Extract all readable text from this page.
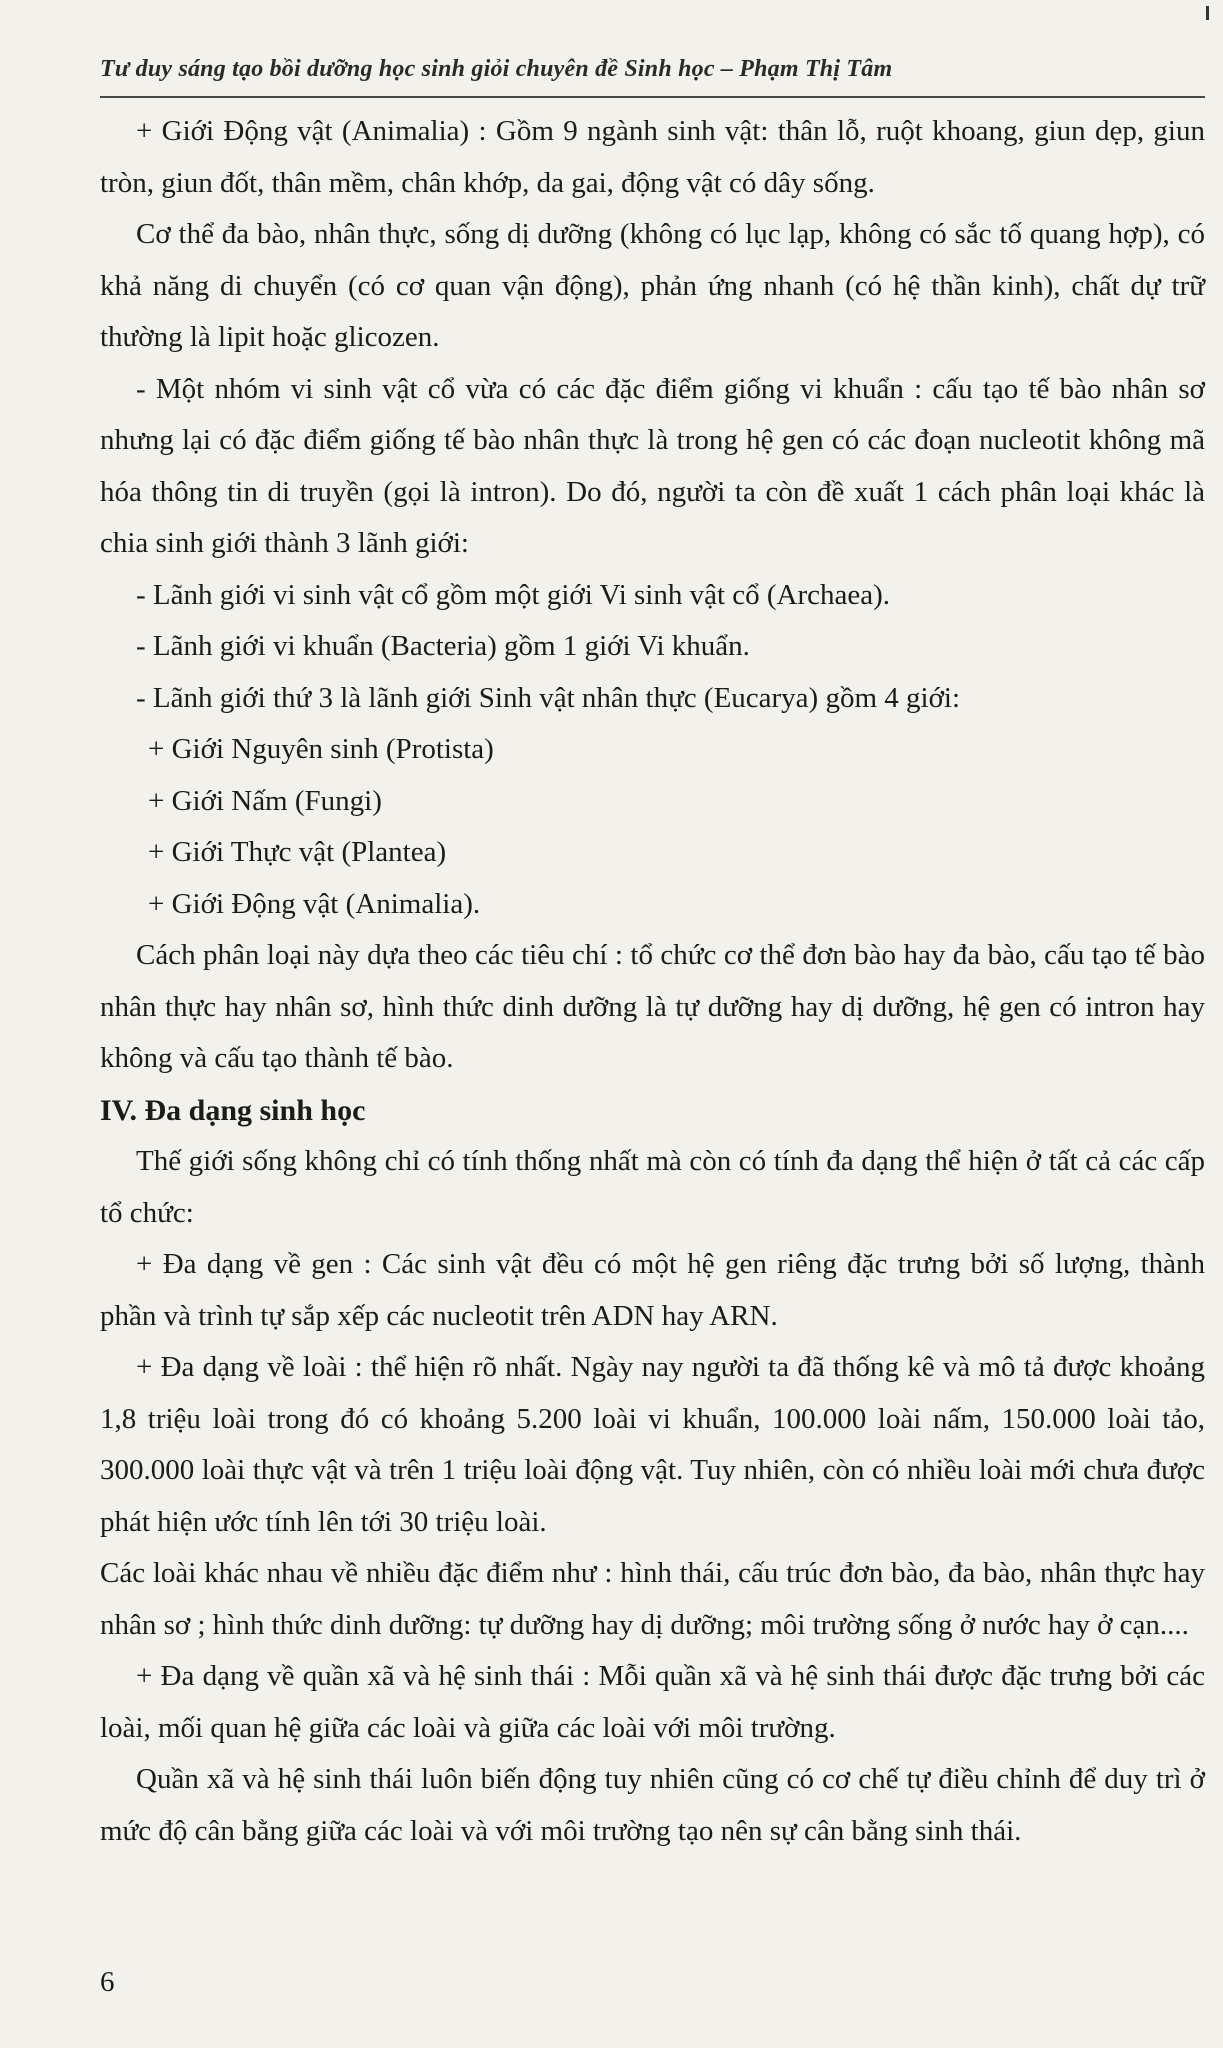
Tư duy sáng tạo bồi dưỡng học sinh giỏi chuyên đề Sinh học – Phạm Thị Tâm

+ Giới Động vật (Animalia) : Gồm 9 ngành sinh vật: thân lỗ, ruột khoang, giun dẹp, giun tròn, giun đốt, thân mềm, chân khớp, da gai, động vật có dây sống.

Cơ thể đa bào, nhân thực, sống dị dưỡng (không có lục lạp, không có sắc tố quang hợp), có khả năng di chuyển (có cơ quan vận động), phản ứng nhanh (có hệ thần kinh), chất dự trữ thường là lipit hoặc glicozen.

- Một nhóm vi sinh vật cổ vừa có các đặc điểm giống vi khuẩn : cấu tạo tế bào nhân sơ nhưng lại có đặc điểm giống tế bào nhân thực là trong hệ gen có các đoạn nucleotit không mã hóa thông tin di truyền (gọi là intron). Do đó, người ta còn đề xuất 1 cách phân loại khác là chia sinh giới thành 3 lãnh giới:

- Lãnh giới vi sinh vật cổ gồm một giới Vi sinh vật cổ (Archaea).

- Lãnh giới vi khuẩn (Bacteria) gồm 1 giới Vi khuẩn.

- Lãnh giới thứ 3 là lãnh giới Sinh vật nhân thực (Eucarya) gồm 4 giới:

+ Giới Nguyên sinh (Protista)

+ Giới Nấm (Fungi)

+ Giới Thực vật (Plantea)

+ Giới Động vật (Animalia).

Cách phân loại này dựa theo các tiêu chí : tổ chức cơ thể đơn bào hay đa bào, cấu tạo tế bào nhân thực hay nhân sơ, hình thức dinh dưỡng là tự dưỡng hay dị dưỡng, hệ gen có intron hay không và cấu tạo thành tế bào.

IV. Đa dạng sinh học

Thế giới sống không chỉ có tính thống nhất mà còn có tính đa dạng thể hiện ở tất cả các cấp tổ chức:

+ Đa dạng về gen : Các sinh vật đều có một hệ gen riêng đặc trưng bởi số lượng, thành phần và trình tự sắp xếp các nucleotit trên ADN hay ARN.

+ Đa dạng về loài : thể hiện rõ nhất. Ngày nay người ta đã thống kê và mô tả được khoảng 1,8 triệu loài trong đó có khoảng 5.200 loài vi khuẩn, 100.000 loài nấm, 150.000 loài tảo, 300.000 loài thực vật và trên 1 triệu loài động vật. Tuy nhiên, còn có nhiều loài mới chưa được phát hiện ước tính lên tới 30 triệu loài.

Các loài khác nhau về nhiều đặc điểm như : hình thái, cấu trúc đơn bào, đa bào, nhân thực hay nhân sơ ; hình thức dinh dưỡng: tự dưỡng hay dị dưỡng; môi trường sống ở nước hay ở cạn....

+ Đa dạng về quần xã và hệ sinh thái : Mỗi quần xã và hệ sinh thái được đặc trưng bởi các loài, mối quan hệ giữa các loài và giữa các loài với môi trường.

Quần xã và hệ sinh thái luôn biến động tuy nhiên cũng có cơ chế tự điều chỉnh để duy trì ở mức độ cân bằng giữa các loài và với môi trường tạo nên sự cân bằng sinh thái.

6
